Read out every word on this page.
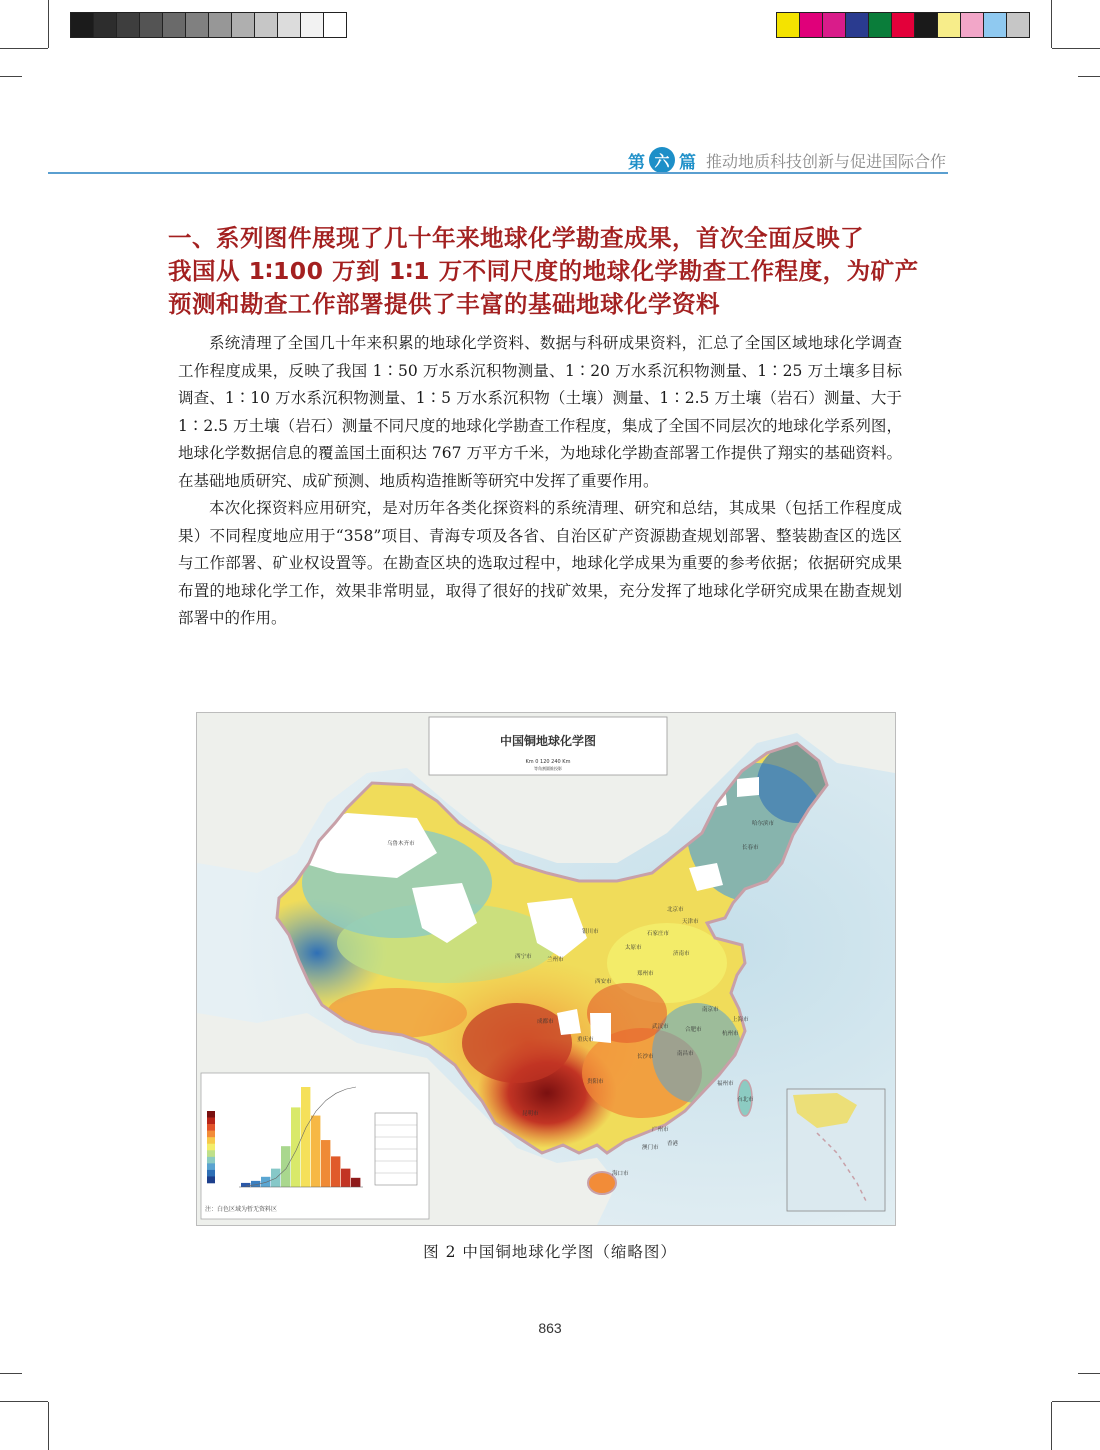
第 六 篇 推动地质科技创新与促进国际合作
一、系列图件展现了几十年来地球化学勘查成果，首次全面反映了
我国从 1∶100 万到 1∶1 万不同尺度的地球化学勘查工作程度，为矿产
预测和勘查工作部署提供了丰富的基础地球化学资料

系统清理了全国几十年来积累的地球化学资料、数据与科研成果资料，汇总了全国区域地球化学调查工作程度成果，反映了我国 1∶50 万水系沉积物测量、1∶20 万水系沉积物测量、1∶25 万土壤多目标调查、1∶10 万水系沉积物测量、1∶5 万水系沉积物（土壤）测量、1∶2.5 万土壤（岩石）测量、大于 1∶2.5 万土壤（岩石）测量不同尺度的地球化学勘查工作程度，集成了全国不同层次的地球化学系列图，地球化学数据信息的覆盖国土面积达 767 万平方千米，为地球化学勘查部署工作提供了翔实的基础资料。在基础地质研究、成矿预测、地质构造推断等研究中发挥了重要作用。

本次化探资料应用研究，是对历年各类化探资料的系统清理、研究和总结，其成果（包括工作程度成果）不同程度地应用于“358”项目、青海专项及各省、自治区矿产资源勘查规划部署、整装勘查区的选区与工作部署、矿业权设置等。在勘查区块的选取过程中，地球化学成果为重要的参考依据；依据研究成果布置的地球化学工作，效果非常明显，取得了很好的找矿效果，充分发挥了地球化学研究成果在勘查规划部署中的作用。

中国铜地球化学图
Km 0 120 240 Km
等角割圆锥投影
注：白色区域为暂无资料区
乌鲁木齐市
哈尔滨市
长春市
北京市
天津市
石家庄市
太原市
济南市
银川市
兰州市
西宁市
郑州市
西安市
南京市
上海市
杭州市
合肥市
武汉市
长沙市	南昌市
福州市
台北市
广州市
香港
澳门市
海口市
成都市
重庆市
贵阳市
昆明市
图 2 中国铜地球化学图（缩略图）
863
